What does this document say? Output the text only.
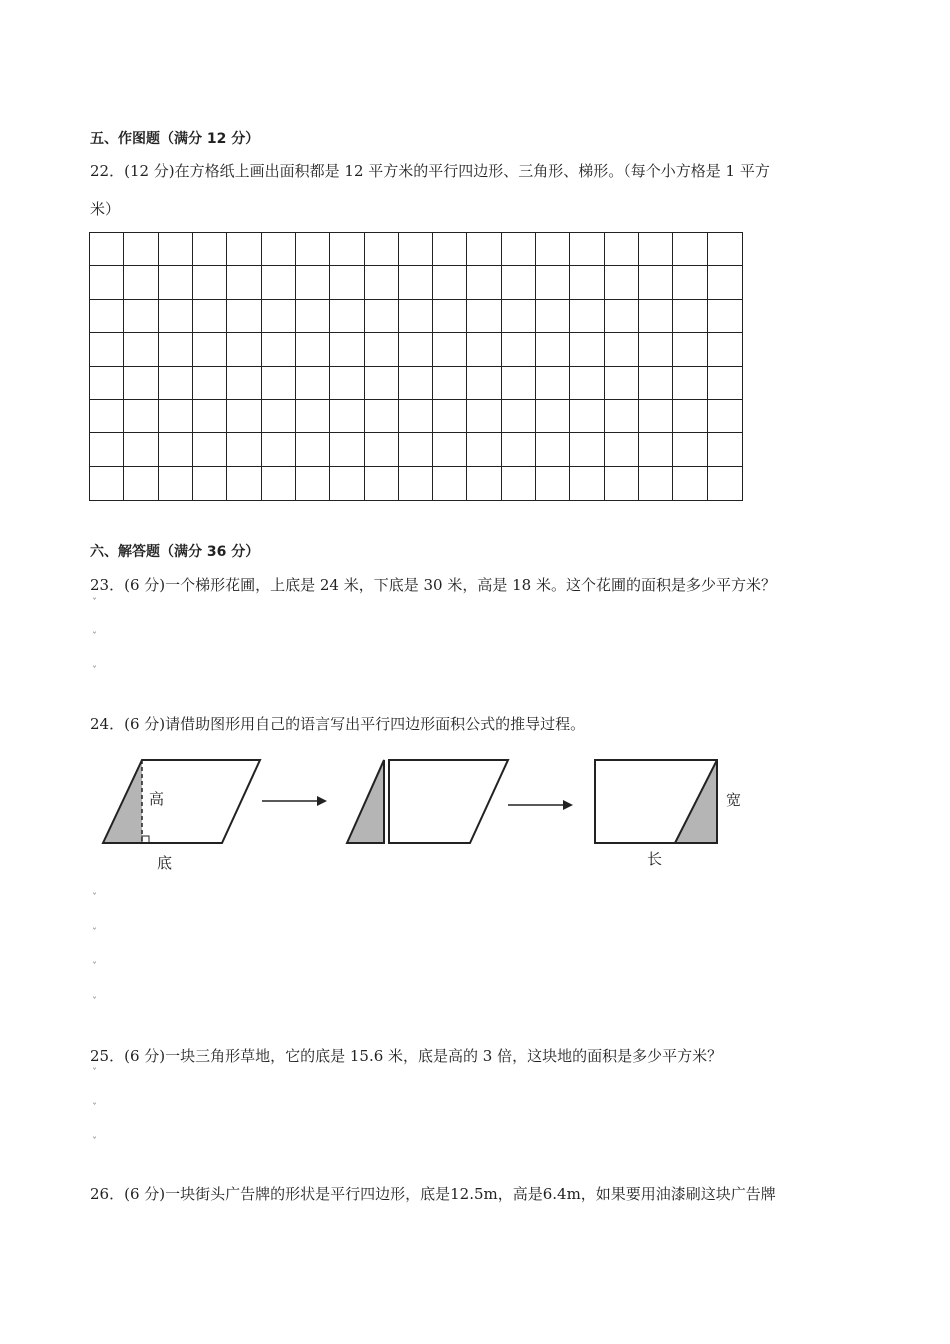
五、作图题（满分 12 分）
22．(12 分)在方格纸上画出面积都是 12 平方米的平行四边形、三角形、梯形。（每个小方格是 1 平方
米）
六、解答题（满分 36 分）
23．(6 分)一个梯形花圃，上底是 24 米，下底是 30 米，高是 18 米。这个花圃的面积是多少平方米？
ˇ
ˇ
ˇ
24．(6 分)请借助图形用自己的语言写出平行四边形面积公式的推导过程。
高
底
宽
长
ˇ
ˇ
ˇ
ˇ
25．(6 分)一块三角形草地，它的底是 15.6 米，底是高的 3 倍，这块地的面积是多少平方米？
ˇ
ˇ
ˇ
26．(6 分)一块街头广告牌的形状是平行四边形，底是12.5m，高是6.4m，如果要用油漆刷这块广告牌
